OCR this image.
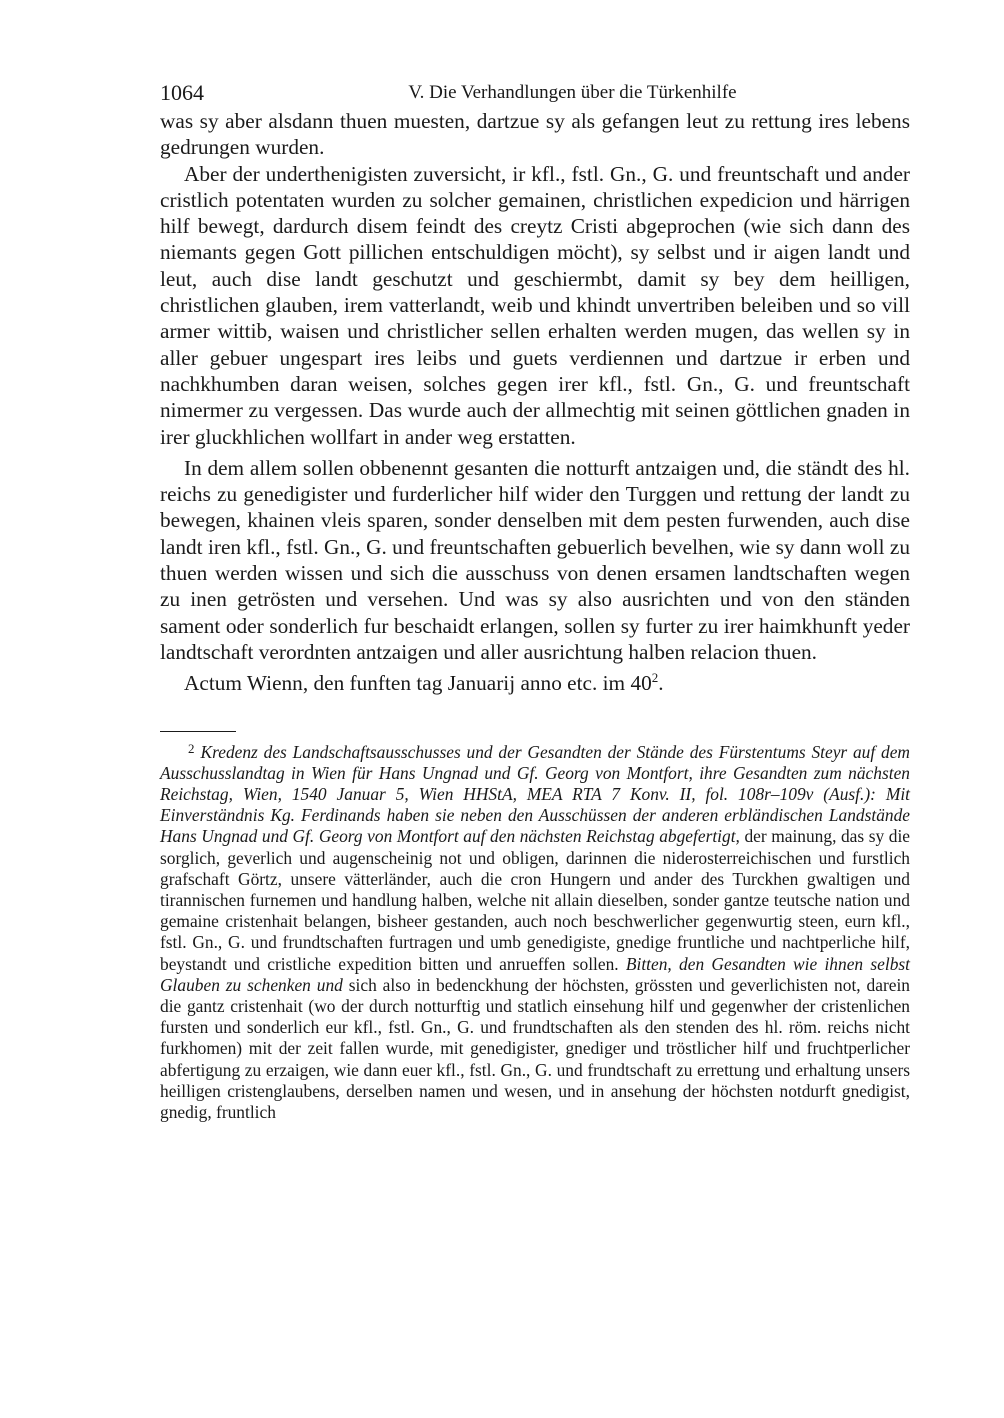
1064	V. Die Verhandlungen über die Türkenhilfe

was sy aber alsdann thuen muesten, dartzue sy als gefangen leut zu rettung ires lebens gedrungen wurden.

Aber der underthenigisten zuversicht, ir kfl., fstl. Gn., G. und freuntschaft und ander cristlich potentaten wurden zu solcher gemainen, christlichen expedicion und härrigen hilf bewegt, dardurch disem feindt des creytz Cristi abgeprochen (wie sich dann des niemants gegen Gott pillichen entschuldigen möcht), sy selbst und ir aigen landt und leut, auch dise landt geschutzt und geschiermbt, damit sy bey dem heilligen, christlichen glauben, irem vatterlandt, weib und khindt unvertriben beleiben und so vill armer wittib, waisen und christlicher sellen erhalten werden mugen, das wellen sy in aller gebuer ungespart ires leibs und guets verdiennen und dartzue ir erben und nachkhumben daran weisen, solches gegen irer kfl., fstl. Gn., G. und freuntschaft nimermer zu vergessen. Das wurde auch der allmechtig mit seinen göttlichen gnaden in irer gluckhlichen wollfart in ander weg erstatten.

In dem allem sollen obbenennt gesanten die notturft antzaigen und, die ständt des hl. reichs zu genedigister und furderlicher hilf wider den Turggen und rettung der landt zu bewegen, khainen vleis sparen, sonder denselben mit dem pesten furwenden, auch dise landt iren kfl., fstl. Gn., G. und freuntschaften gebuerlich bevelhen, wie sy dann woll zu thuen werden wissen und sich die ausschuss von denen ersamen landtschaften wegen zu inen getrösten und versehen. Und was sy also ausrichten und von den ständen sament oder sonderlich fur beschaidt erlangen, sollen sy furter zu irer haimkhunft yeder landtschaft verordnten antzaigen und aller ausrichtung halben relacion thuen.

Actum Wienn, den funften tag Januarij anno etc. im $40^2$.

$^2$ Kredenz des Landschaftsausschusses und der Gesandten der Stände des Fürstentums Steyr auf dem Ausschusslandtag in Wien für Hans Ungnad und Gf. Georg von Montfort, ihre Gesandten zum nächsten Reichstag, Wien, 1540 Januar 5, Wien HHStA, MEA RTA 7 Konv. II, fol. 108r–109v (Ausf.): Mit Einverständnis Kg. Ferdinands haben sie neben den Ausschüssen der anderen erbländischen Landstände Hans Ungnad und Gf. Georg von Montfort auf den nächsten Reichstag abgefertigt, der mainung, das sy die sorglich, geverlich und augenscheinig not und obligen, darinnen die niderosterreichischen und furstlich grafschaft Görtz, unsere vätterländer, auch die cron Hungern und ander des Turckhen gwaltigen und tirannischen furnemen und handlung halben, welche nit allain dieselben, sonder gantze teutsche nation und gemaine cristenhait belangen, bisheer gestanden, auch noch beschwerlicher gegenwurtig steen, eurn kfl., fstl. Gn., G. und frundtschaften furtragen und umb genedigiste, gnedige fruntliche und nachtperliche hilf, beystandt und cristliche expedition bitten und anrueffen sollen. Bitten, den Gesandten wie ihnen selbst Glauben zu schenken und sich also in bedenckhung der höchsten, grössten und geverlichisten not, darein die gantz cristenhait (wo der durch notturftig und statlich einsehung hilf und gegenwher der cristenlichen fursten und sonderlich eur kfl., fstl. Gn., G. und frundtschaften als den stenden des hl. röm. reichs nicht furkhomen) mit der zeit fallen wurde, mit genedigister, gnediger und tröstlicher hilf und fruchtperlicher abfertigung zu erzaigen, wie dann euer kfl., fstl. Gn., G. und frundtschaft zu errettung und erhaltung unsers heilligen cristenglaubens, derselben namen und wesen, und in ansehung der höchsten notdurft gnedigist, gnedig, fruntlich
